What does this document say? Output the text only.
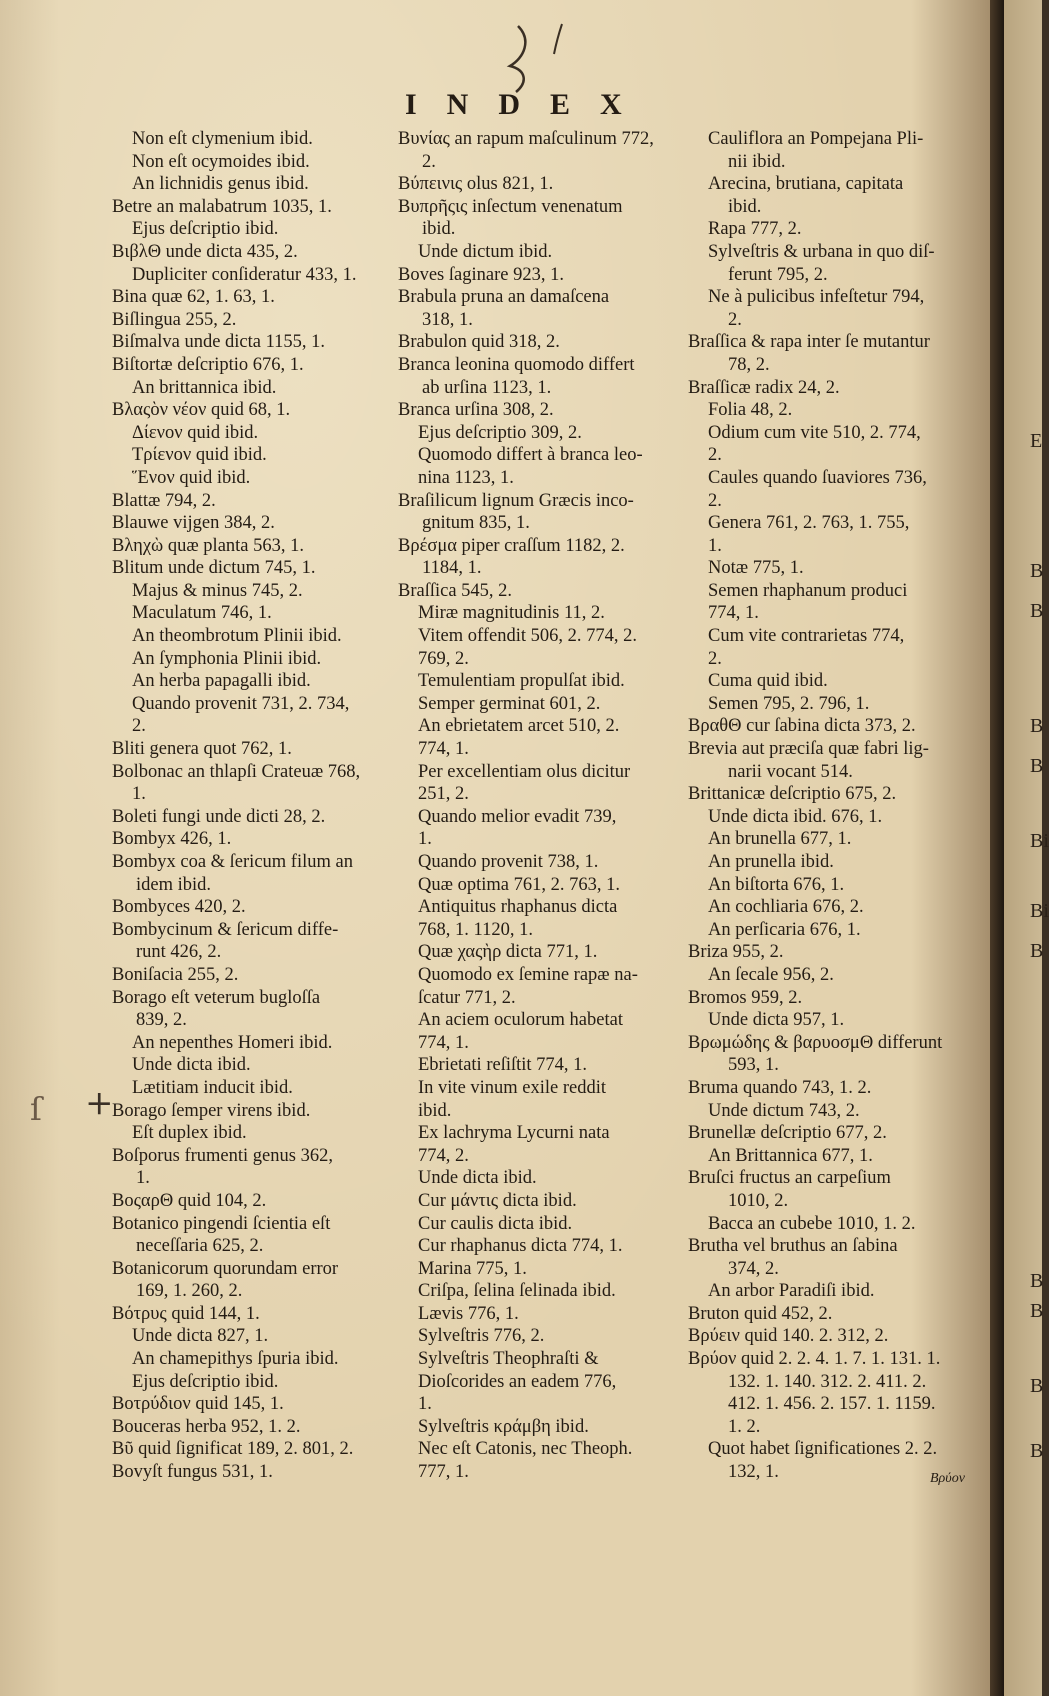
INDEX
Non eſt clymenium ibid.
Non eſt ocymoides ibid.
An lichnidis genus ibid.
Betre an malabatrum 1035, 1.
Ejus deſcriptio ibid.
ΒιβλΘ unde dicta 435, 2.
Dupliciter conſideratur 433, 1.
Bina quæ 62, 1. 63, 1.
Biſlingua 255, 2.
Biſmalva unde dicta 1155, 1.
Biſtortæ deſcriptio 676, 1.
An brittannica ibid.
Βλαςὸν νέον quid 68, 1.
Δίενον quid ibid.
Τρίενον quid ibid.
Ἕνον quid ibid.
Blattæ 794, 2.
Blauwe vijgen 384, 2.
Βληχὼ quæ planta 563, 1.
Blitum unde dictum 745, 1.
Majus & minus 745, 2.
Maculatum 746, 1.
An theombrotum Plinii ibid.
An ſymphonia Plinii ibid.
An herba papagalli ibid.
Quando provenit 731, 2. 734,
2.
Bliti genera quot 762, 1.
Bolbonac an thlapſi Crateuæ 768,
1.
Boleti fungi unde dicti 28, 2.
Bombyx 426, 1.
Bombyx coa & ſericum filum an
idem ibid.
Bombyces 420, 2.
Bombycinum & ſericum diffe-
runt 426, 2.
Boniſacia 255, 2.
Borago eſt veterum bugloſſa
839, 2.
An nepenthes Homeri ibid.
Unde dicta ibid.
Lætitiam inducit ibid.
Borago ſemper virens ibid.
Eſt duplex ibid.
Boſporus frumenti genus 362,
1.
ΒοςαρΘ quid 104, 2.
Botanico pingendi ſcientia eſt
neceſſaria 625, 2.
Botanicorum quorundam error
169, 1. 260, 2.
Βότρυς quid 144, 1.
Unde dicta 827, 1.
An chamepithys ſpuria ibid.
Ejus deſcriptio ibid.
Βοτρύδιον quid 145, 1.
Bouceras herba 952, 1. 2.
Βῦ quid ſignificat 189, 2. 801, 2.
Bovyſt fungus 531, 1.
Βυνίας an rapum maſculinum 772,
2.
Βύπεινις olus 821, 1.
Βυπρῆςις inſectum venenatum
ibid.
Unde dictum ibid.
Boves ſaginare 923, 1.
Brabula pruna an damaſcena
318, 1.
Brabulon quid 318, 2.
Branca leonina quomodo differt
ab urſina 1123, 1.
Branca urſina 308, 2.
Ejus deſcriptio 309, 2.
Quomodo differt à branca leo-
nina 1123, 1.
Braſilicum lignum Græcis inco-
gnitum 835, 1.
Βρέσμα piper craſſum 1182, 2.
1184, 1.
Braſſica 545, 2.
Miræ magnitudinis 11, 2.
Vitem offendit 506, 2. 774, 2.
769, 2.
Temulentiam propulſat ibid.
Semper germinat 601, 2.
An ebrietatem arcet 510, 2.
774, 1.
Per excellentiam olus dicitur
251, 2.
Quando melior evadit 739,
1.
Quando provenit 738, 1.
Quæ optima 761, 2. 763, 1.
Antiquitus rhaphanus dicta
768, 1. 1120, 1.
Quæ χαςὴρ dicta 771, 1.
Quomodo ex ſemine rapæ na-
ſcatur 771, 2.
An aciem oculorum habetat
774, 1.
Ebrietati reſiſtit 774, 1.
In vite vinum exile reddit
ibid.
Ex lachryma Lycurni nata
774, 2.
Unde dicta ibid.
Cur μάντις dicta ibid.
Cur caulis dicta ibid.
Cur rhaphanus dicta 774, 1.
Marina 775, 1.
Criſpa, ſelina ſelinada ibid.
Lævis 776, 1.
Sylveſtris 776, 2.
Sylveſtris Theophraſti &
Dioſcorides an eadem 776,
1.
Sylveſtris κράμβη ibid.
Nec eſt Catonis, nec Theoph.
777, 1.
Cauliflora an Pompejana Pli-
nii ibid.
Arecina, brutiana, capitata
ibid.
Rapa 777, 2.
Sylveſtris & urbana in quo diſ-
ferunt 795, 2.
Ne à pulicibus infeſtetur 794,
2.
Braſſica & rapa inter ſe mutantur
78, 2.
Braſſicæ radix 24, 2.
Folia 48, 2.
Odium cum vite 510, 2. 774,
2.
Caules quando ſuaviores 736,
2.
Genera 761, 2. 763, 1. 755,
1.
Notæ 775, 1.
Semen rhaphanum produci
774, 1.
Cum vite contrarietas 774,
2.
Cuma quid ibid.
Semen 795, 2. 796, 1.
ΒραθΘ cur ſabina dicta 373, 2.
Brevia aut præciſa quæ fabri lig-
narii vocant 514.
Brittanicæ deſcriptio 675, 2.
Unde dicta ibid. 676, 1.
An brunella 677, 1.
An prunella ibid.
An biſtorta 676, 1.
An cochliaria 676, 2.
An perſicaria 676, 1.
Briza 955, 2.
An ſecale 956, 2.
Bromos 959, 2.
Unde dicta 957, 1.
Βρωμώδης & βαρυοσμΘ differunt
593, 1.
Bruma quando 743, 1. 2.
Unde dictum 743, 2.
Brunellæ deſcriptio 677, 2.
An Brittannica 677, 1.
Bruſci fructus an carpeſium
1010, 2.
Bacca an cubebe 1010, 1. 2.
Brutha vel bruthus an ſabina
374, 2.
An arbor Paradiſi ibid.
Bruton quid 452, 2.
Βρύειν quid 140. 2. 312, 2.
Βρύον quid 2. 2. 4. 1. 7. 1. 131. 1.
132. 1. 140. 312. 2. 411. 2.
412. 1. 456. 2. 157. 1. 1159.
1. 2.
Quot habet ſignificationes 2. 2.
132, 1.
+
ſ
Βρύον
E
B
B
B
B
Bi
Bi
B
B
B
B
B
